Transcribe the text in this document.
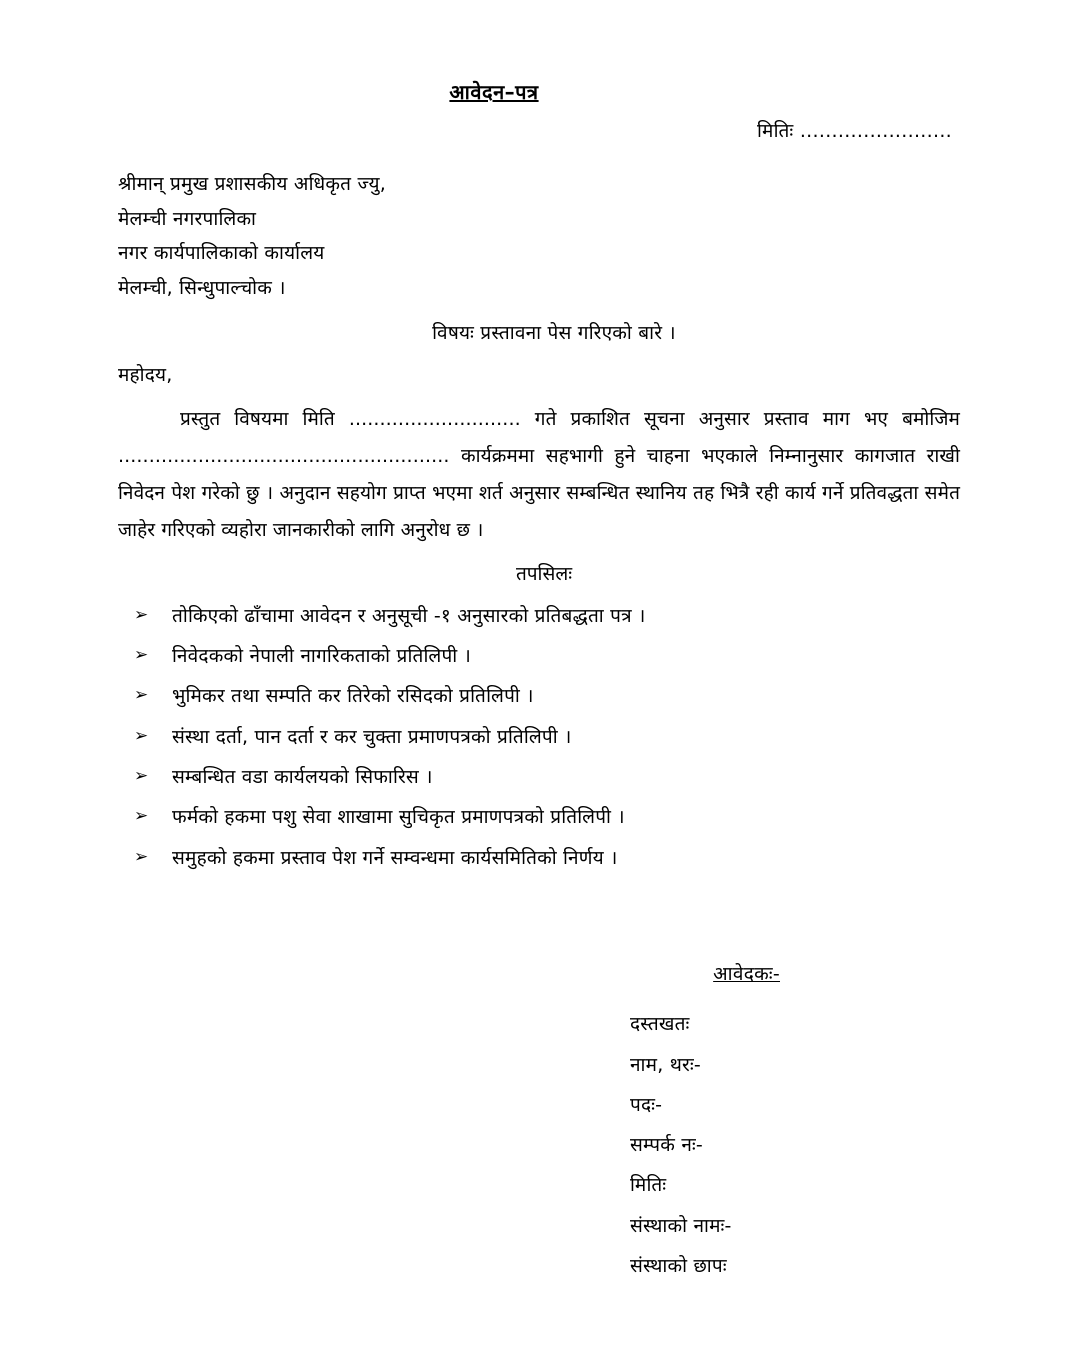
आवेदन–पत्र
मितिः ........................
श्रीमान् प्रमुख प्रशासकीय अधिकृत ज्यु,
मेलम्ची नगरपालिका
नगर कार्यपालिकाको कार्यालय
मेलम्ची, सिन्धुपाल्चोक ।
विषयः प्रस्तावना पेस गरिएको बारे ।
महोदय,
प्रस्तुत विषयमा मिति ............................ गते प्रकाशित सूचना अनुसार प्रस्ताव माग भए बमोजिम ...................................................... कार्यक्रममा सहभागी हुने चाहना भएकाले निम्नानुसार कागजात राखी निवेदन पेश गरेको छु । अनुदान सहयोग प्राप्त भएमा शर्त अनुसार सम्बन्धित स्थानिय तह भित्रै रही कार्य गर्ने प्रतिवद्धता समेत जाहेर गरिएको व्यहोरा जानकारीको लागि अनुरोध छ ।
तपसिलः
➢ तोकिएको ढाँचामा आवेदन र अनुसूची -१ अनुसारको प्रतिबद्धता पत्र ।
➢ निवेदकको नेपाली नागरिकताको प्रतिलिपी ।
➢ भुमिकर तथा सम्पति कर तिरेको रसिदको प्रतिलिपी ।
➢ संस्था दर्ता, पान दर्ता र कर चुक्ता प्रमाणपत्रको प्रतिलिपी ।
➢ सम्बन्धित वडा कार्यलयको सिफारिस ।
➢ फर्मको हकमा पशु सेवा शाखामा सुचिकृत प्रमाणपत्रको प्रतिलिपी ।
➢ समुहको हकमा प्रस्ताव पेश गर्ने सम्वन्धमा कार्यसमितिको निर्णय ।
आवेदकः-
दस्तखतः
नाम, थरः-
पदः-
सम्पर्क नः-
मितिः
संस्थाको नामः-
संस्थाको छापः
